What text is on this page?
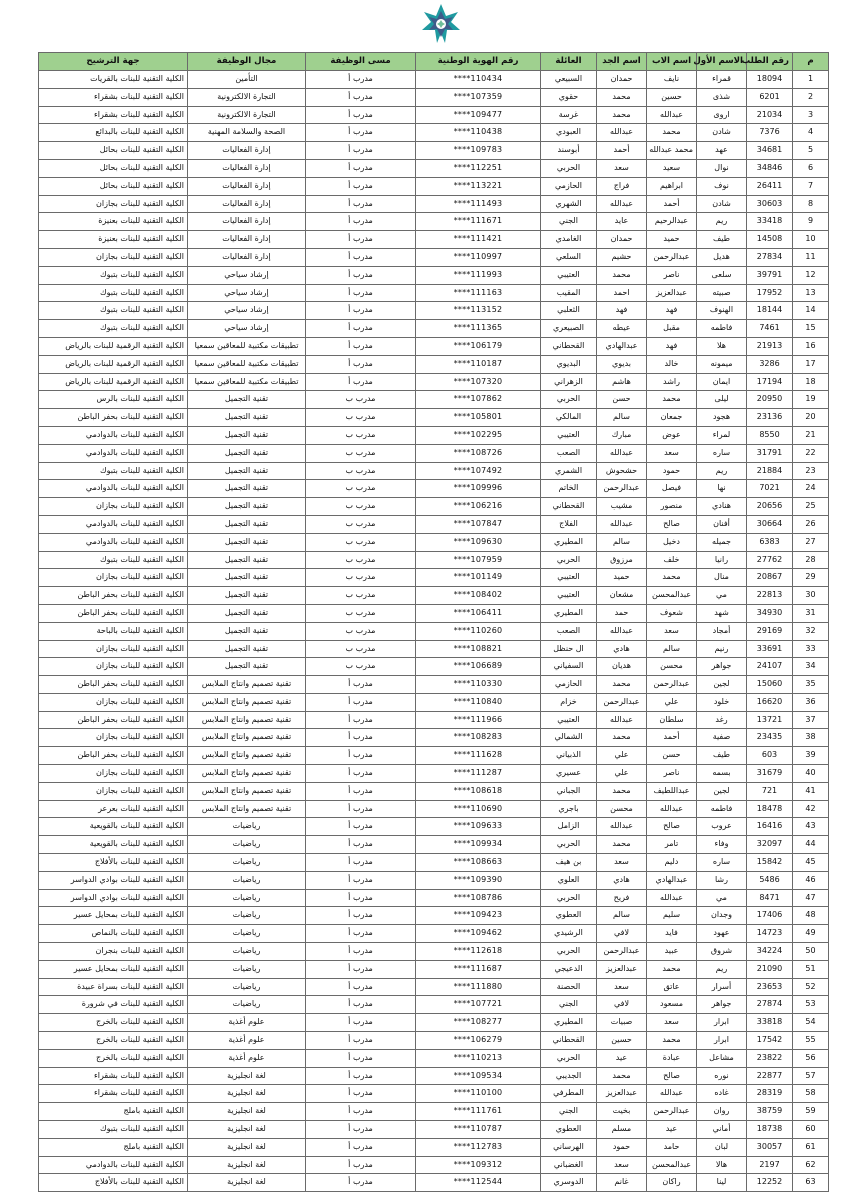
م	رقم الطلب	الاسم الأول	اسم الاب	اسم الجد	العائلة	رقم الهوية الوطنية	مسى الوظيفة	مجال الوظيفة	جهة الترشيح
1	18094	قمراء	نايف	حمدان	السبيعي	110434****	مدرب أ	التأمين	الكلية التقنية للبنات بالقريات
2	6201	شذى	حسين	محمد	حقوي	107359****	مدرب أ	التجارة الالكترونية	الكلية التقنية للبنات بشقراء
3	21034	اروى	عبدالله	محمد	غرسة	109477****	مدرب أ	التجارة الالكترونية	الكلية التقنية للبنات بشقراء
4	7376	شادن	محمد	عبدالله	العبودي	110438****	مدرب أ	الصحة والسلامة المهنية	الكلية التقنية للبنات بالبدائع
5	34681	عهد	محمد عبدالله	أحمد	أبوسند	109783****	مدرب أ	إدارة الفعاليات	الكلية التقنية للبنات بحائل
6	34846	نوال	سعيد	سعد	الحربي	112251****	مدرب أ	إدارة الفعاليات	الكلية التقنية للبنات بحائل
7	26411	نوف	ابراهيم	فراج	الحازمي	113221****	مدرب أ	إدارة الفعاليات	الكلية التقنية للبنات بحائل
8	30603	شادن	أحمد	عبدالله	الشهري	111493****	مدرب أ	إدارة الفعاليات	الكلية التقنية للبنات بجازان
9	33418	ريم	عبدالرحيم	عايد	الجني	111671****	مدرب أ	إدارة الفعاليات	الكلية التقنية للبنات بعنيزة
10	14508	طيف	حميد	حمدان	الغامدي	111421****	مدرب أ	إدارة الفعاليات	الكلية التقنية للبنات بعنيزة
11	27834	هديل	عبدالرحمن	حشيم	السلعي	110997****	مدرب أ	إدارة الفعاليات	الكلية التقنية للبنات بجازان
12	39791	سلعى	ناصر	محمد	العتيبي	111993****	مدرب أ	إرشاد سياحي	الكلية التقنية للبنات بتبوك
13	17952	صبيته	عبدالعزيز	احمد	المقيب	111163****	مدرب أ	إرشاد سياحي	الكلية التقنية للبنات بتبوك
14	18144	الهنوف	فهد	فهد	الثعلبي	113152****	مدرب أ	إرشاد سياحي	الكلية التقنية للبنات بتبوك
15	7461	فاطمه	مقبل	عيطه	الصبيعري	111365****	مدرب أ	إرشاد سياحي	الكلية التقنية للبنات بتبوك
16	21913	هلا	فهد	عبدالهادي	القحطاني	106179****	مدرب أ	تطبيقات مكتبية للمعاقين سمعيا	الكلية التقنية الرقمية للبنات بالرياض
17	3286	ميمونه	خالد	بديوي	البديوي	110187****	مدرب أ	تطبيقات مكتبية للمعاقين سمعيا	الكلية التقنية الرقمية للبنات بالرياض
18	17194	ايمان	راشد	هاشم	الزهراني	107320****	مدرب أ	تطبيقات مكتبية للمعاقين سمعيا	الكلية التقنية الرقمية للبنات بالرياض
19	20950	ليلى	محمد	حسن	الحربي	107862****	مدرب ب	تقنية التجميل	الكلية التقنية للبنات بالرس
20	23136	هجود	جمعان	سالم	المالكي	105801****	مدرب ب	تقنية التجميل	الكلية التقنية للبنات بحفر الباطن
21	8550	لمراء	عوض	مبارك	العتيبي	102295****	مدرب ب	تقنية التجميل	الكلية التقنية للبنات بالدوادمي
22	31791	ساره	سعد	عبدالله	الصعب	108726****	مدرب ب	تقنية التجميل	الكلية التقنية للبنات بالدوادمي
23	21884	ريم	حمود	حشحوش	الشمري	107492****	مدرب ب	تقنية التجميل	الكلية التقنية للبنات بتبوك
24	7021	نها	فيصل	عبدالرحمن	الخاتم	109996****	مدرب ب	تقنية التجميل	الكلية التقنية للبنات بالدوادمي
25	20656	هنادي	منصور	مشيب	القحطاني	106216****	مدرب ب	تقنية التجميل	الكلية التقنية للبنات بجازان
26	30664	أفنان	صالح	عبدالله	الفلاج	107847****	مدرب ب	تقنية التجميل	الكلية التقنية للبنات بالدوادمي
27	6383	جميله	دخيل	سالم	المطيري	109630****	مدرب ب	تقنية التجميل	الكلية التقنية للبنات بالدوادمي
28	27762	رانيا	خلف	مرزوق	الحربي	107959****	مدرب ب	تقنية التجميل	الكلية التقنية للبنات بتبوك
29	20867	منال	محمد	حميد	العتيبي	101149****	مدرب ب	تقنية التجميل	الكلية التقنية للبنات بجازان
30	22813	مي	عبدالمحسن	مشعان	العتيبي	108402****	مدرب ب	تقنية التجميل	الكلية التقنية للبنات بحفر الباطن
31	34930	شهد	شعوف	حمد	المطيري	106411****	مدرب ب	تقنية التجميل	الكلية التقنية للبنات بحفر الباطن
32	29169	أمجاد	سعد	عبدالله	الصعب	110260****	مدرب ب	تقنية التجميل	الكلية التقنية للبنات بالباحة
33	33691	رنيم	سالم	هادي	ال حنظل	108821****	مدرب ب	تقنية التجميل	الكلية التقنية للبنات بجازان
34	24107	جواهر	محسن	هديان	السفياني	106689****	مدرب ب	تقنية التجميل	الكلية التقنية للبنات بجازان
35	15060	لجين	عبدالرحمن	محمد	الحازمي	110330****	مدرب أ	تقنية تصميم وانتاج الملابس	الكلية التقنية للبنات بحفر الباطن
36	16620	خلود	علي	عبدالرحمن	خزام	110840****	مدرب أ	تقنية تصميم وانتاج الملابس	الكلية التقنية للبنات بجازان
37	13721	رغد	سلطان	عبدالله	العتيبي	111966****	مدرب أ	تقنية تصميم وانتاج الملابس	الكلية التقنية للبنات بحفر الباطن
38	23435	صفية	أحمد	محمد	الشمالي	108283****	مدرب أ	تقنية تصميم وانتاج الملابس	الكلية التقنية للبنات بجازان
39	603	طيف	حسن	علي	الذبياني	111628****	مدرب أ	تقنية تصميم وانتاج الملابس	الكلية التقنية للبنات بحفر الباطن
40	31679	بسمه	ناصر	علي	عسيري	111287****	مدرب أ	تقنية تصميم وانتاج الملابس	الكلية التقنية للبنات بجازان
41	721	لجين	عبداللطيف	محمد	الجباني	108618****	مدرب أ	تقنية تصميم وانتاج الملابس	الكلية التقنية للبنات بجازان
42	18478	فاطمه	عبدالله	محسن	باجري	110690****	مدرب أ	تقنية تصميم وانتاج الملابس	الكلية التقنية للبنات بعرعر
43	16416	عروب	صالح	عبدالله	الزامل	109633****	مدرب أ	رياضيات	الكلية التقنية للبنات بالقويعية
44	32097	وفاء	تامر	محمد	الحربي	109934****	مدرب أ	رياضيات	الكلية التقنية للبنات بالقويعية
45	15842	ساره	دليم	سعد	بن هيف	108663****	مدرب أ	رياضيات	الكلية التقنية للبنات بالأفلاج
46	5486	رشا	عبدالهادي	هادي	العلوي	109390****	مدرب أ	رياضيات	الكلية التقنية للبنات بوادي الدواسر
47	8471	مي	عبدالله	فريح	الحربي	108786****	مدرب أ	رياضيات	الكلية التقنية للبنات بوادي الدواسر
48	17406	وجدان	سليم	سالم	العطوي	109423****	مدرب أ	رياضيات	الكلية التقنية للبنات بمحايل عسير
49	14723	عهود	فايد	لافي	الرشيدي	109462****	مدرب أ	رياضيات	الكلية التقنية للبنات بالنماص
50	34224	شروق	عبيد	عبدالرحمن	الحربي	112618****	مدرب أ	رياضيات	الكلية التقنية للبنات بنجران
51	21090	ريم	محمد	عبدالعزيز	الدعيجي	111687****	مدرب أ	رياضيات	الكلية التقنية للبنات بمحايل عسير
52	23653	أسرار	عاتق	سعد	الحصنة	111880****	مدرب أ	رياضيات	الكلية التقنية للبنات بسراة عبيدة
53	27874	جواهر	مسعود	لافي	الجني	107721****	مدرب أ	رياضيات	الكلية التقنية للبنات في شرورة
54	33818	ابرار	سعد	صبيات	المطيري	108277****	مدرب أ	علوم أغذية	الكلية التقنية للبنات بالخرج
55	17542	ابرار	محمد	حسين	القحطاني	106279****	مدرب أ	علوم أغذية	الكلية التقنية للبنات بالخرج
56	23822	مشاعل	عبادة	عيد	الحربي	110213****	مدرب أ	علوم أغذية	الكلية التقنية للبنات بالخرج
57	22877	نوره	صالح	محمد	الجديبي	109534****	مدرب أ	لغة انجليزية	الكلية التقنية للبنات بشقراء
58	28319	غاده	عبدالله	عبدالعزيز	المطرفي	110100****	مدرب أ	لغة انجليزية	الكلية التقنية للبنات بشقراء
59	38759	روان	عبدالرحمن	بخيت	الجني	111761****	مدرب أ	لغة انجليزية	الكلية التقنية باملج
60	18738	أماني	عيد	مسلم	العطوي	110787****	مدرب أ	لغة انجليزية	الكلية التقنية للبنات بتبوك
61	30057	لبان	حامد	حمود	الهرساني	112783****	مدرب أ	لغة انجليزية	الكلية التقنية باملج
62	2197	هالا	عبدالمحسن	سعد	الغضباني	109312****	مدرب أ	لغة انجليزية	الكلية التقنية للبنات بالدوادمي
63	12252	لينا	راكان	غانم	الدوسري	112544****	مدرب أ	لغة انجليزية	الكلية التقنية للبنات بالأفلاج
